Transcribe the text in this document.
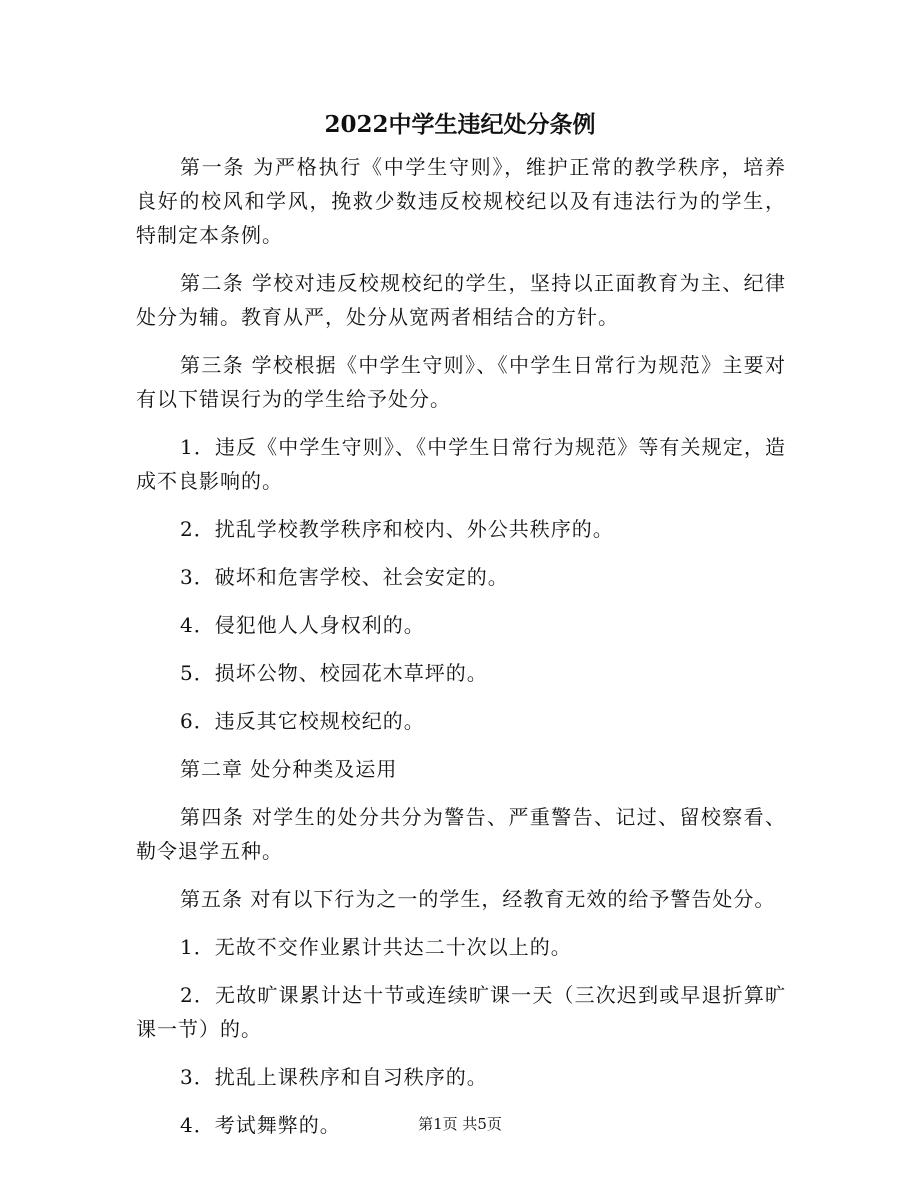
2022中学生违纪处分条例

第一条 为严格执行《中学生守则》，维护正常的教学秩序，培养良好的校风和学风，挽救少数违反校规校纪以及有违法行为的学生，特制定本条例。

第二条 学校对违反校规校纪的学生，坚持以正面教育为主、纪律处分为辅。教育从严，处分从宽两者相结合的方针。

第三条 学校根据《中学生守则》、《中学生日常行为规范》主要对有以下错误行为的学生给予处分。

1．违反《中学生守则》、《中学生日常行为规范》等有关规定，造成不良影响的。

2．扰乱学校教学秩序和校内、外公共秩序的。

3．破坏和危害学校、社会安定的。

4．侵犯他人人身权利的。

5．损坏公物、校园花木草坪的。

6．违反其它校规校纪的。

第二章 处分种类及运用

第四条 对学生的处分共分为警告、严重警告、记过、留校察看、勒令退学五种。

第五条 对有以下行为之一的学生，经教育无效的给予警告处分。

1．无故不交作业累计共达二十次以上的。

2．无故旷课累计达十节或连续旷课一天（三次迟到或早退折算旷课一节）的。

3．扰乱上课秩序和自习秩序的。

4．考试舞弊的。	第1页 共5页
